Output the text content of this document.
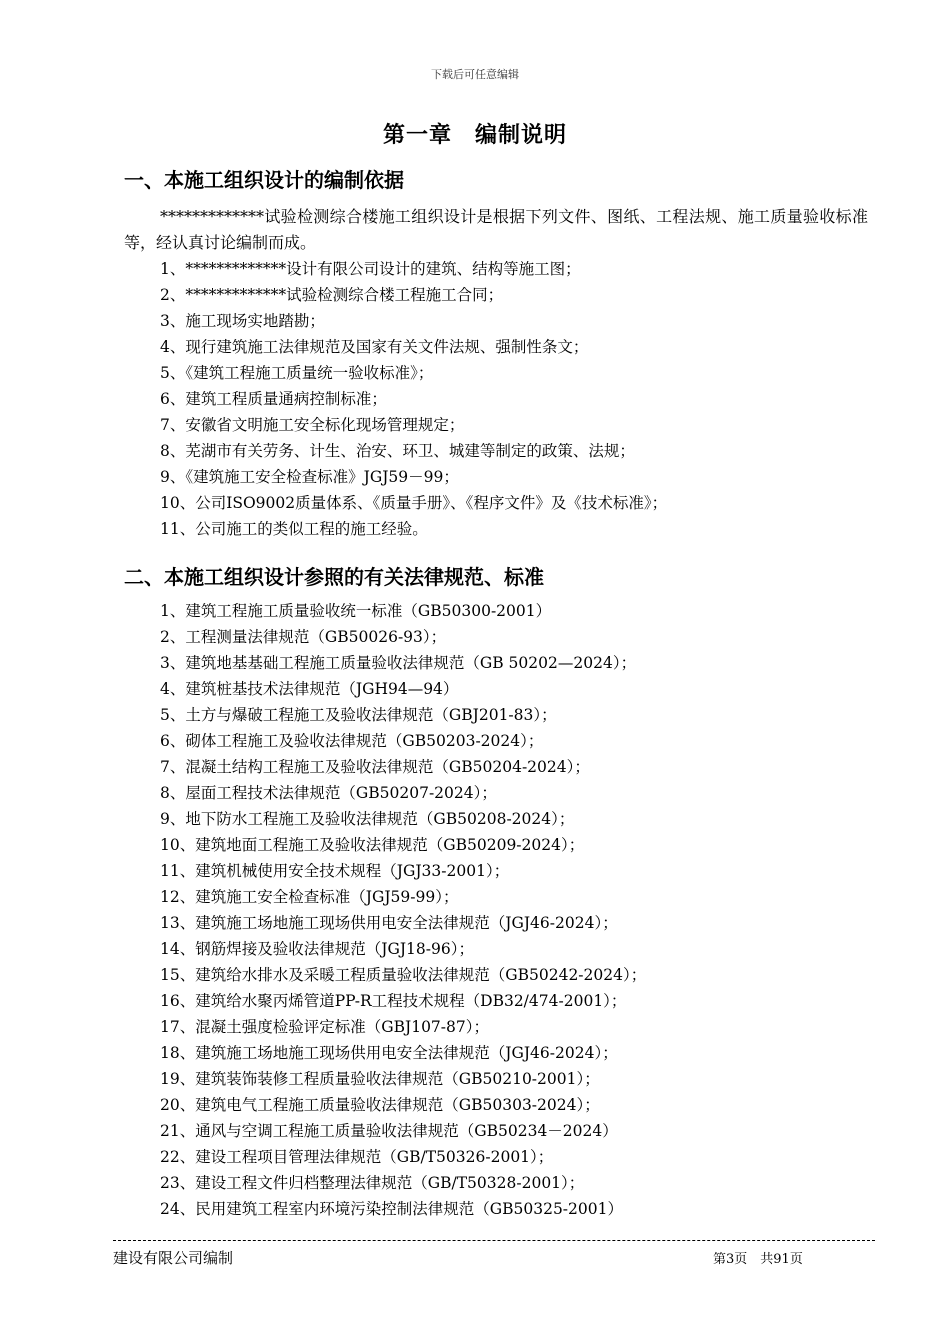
下载后可任意编辑
第一章　编制说明
一、本施工组织设计的编制依据
*************试验检测综合楼施工组织设计是根据下列文件、图纸、工程法规、施工质量验收标准等，经认真讨论编制而成。
1、*************设计有限公司设计的建筑、结构等施工图；
2、*************试验检测综合楼工程施工合同；
3、施工现场实地踏勘；
4、现行建筑施工法律规范及国家有关文件法规、强制性条文；
5、《建筑工程施工质量统一验收标准》；
6、建筑工程质量通病控制标准；
7、安徽省文明施工安全标化现场管理规定；
8、芜湖市有关劳务、计生、治安、环卫、城建等制定的政策、法规；
9、《建筑施工安全检查标准》JGJ59－99；
10、公司ISO9002质量体系、《质量手册》、《程序文件》及《技术标准》；
11、公司施工的类似工程的施工经验。
二、本施工组织设计参照的有关法律规范、标准
1、建筑工程施工质量验收统一标准（GB50300-2001）
2、工程测量法律规范（GB50026-93）；
3、建筑地基基础工程施工质量验收法律规范（GB 50202—2024）；
4、建筑桩基技术法律规范（JGH94—94）
5、土方与爆破工程施工及验收法律规范（GBJ201-83）；
6、砌体工程施工及验收法律规范（GB50203-2024）；
7、混凝土结构工程施工及验收法律规范（GB50204-2024）；
8、屋面工程技术法律规范（GB50207-2024）；
9、地下防水工程施工及验收法律规范（GB50208-2024）；
10、建筑地面工程施工及验收法律规范（GB50209-2024）；
11、建筑机械使用安全技术规程（JGJ33-2001）；
12、建筑施工安全检查标准（JGJ59-99）；
13、建筑施工场地施工现场供用电安全法律规范（JGJ46-2024）；
14、钢筋焊接及验收法律规范（JGJ18-96）；
15、建筑给水排水及采暖工程质量验收法律规范（GB50242-2024）；
16、建筑给水聚丙烯管道PP-R工程技术规程（DB32/474-2001）；
17、混凝土强度检验评定标准（GBJ107-87）；
18、建筑施工场地施工现场供用电安全法律规范（JGJ46-2024）；
19、建筑装饰装修工程质量验收法律规范（GB50210-2001）；
20、建筑电气工程施工质量验收法律规范（GB50303-2024）；
21、通风与空调工程施工质量验收法律规范（GB50234－2024）
22、建设工程项目管理法律规范（GB/T50326-2001）；
23、建设工程文件归档整理法律规范（GB/T50328-2001）；
24、民用建筑工程室内环境污染控制法律规范（GB50325-2001）
建设有限公司编制	第3页　共91页
